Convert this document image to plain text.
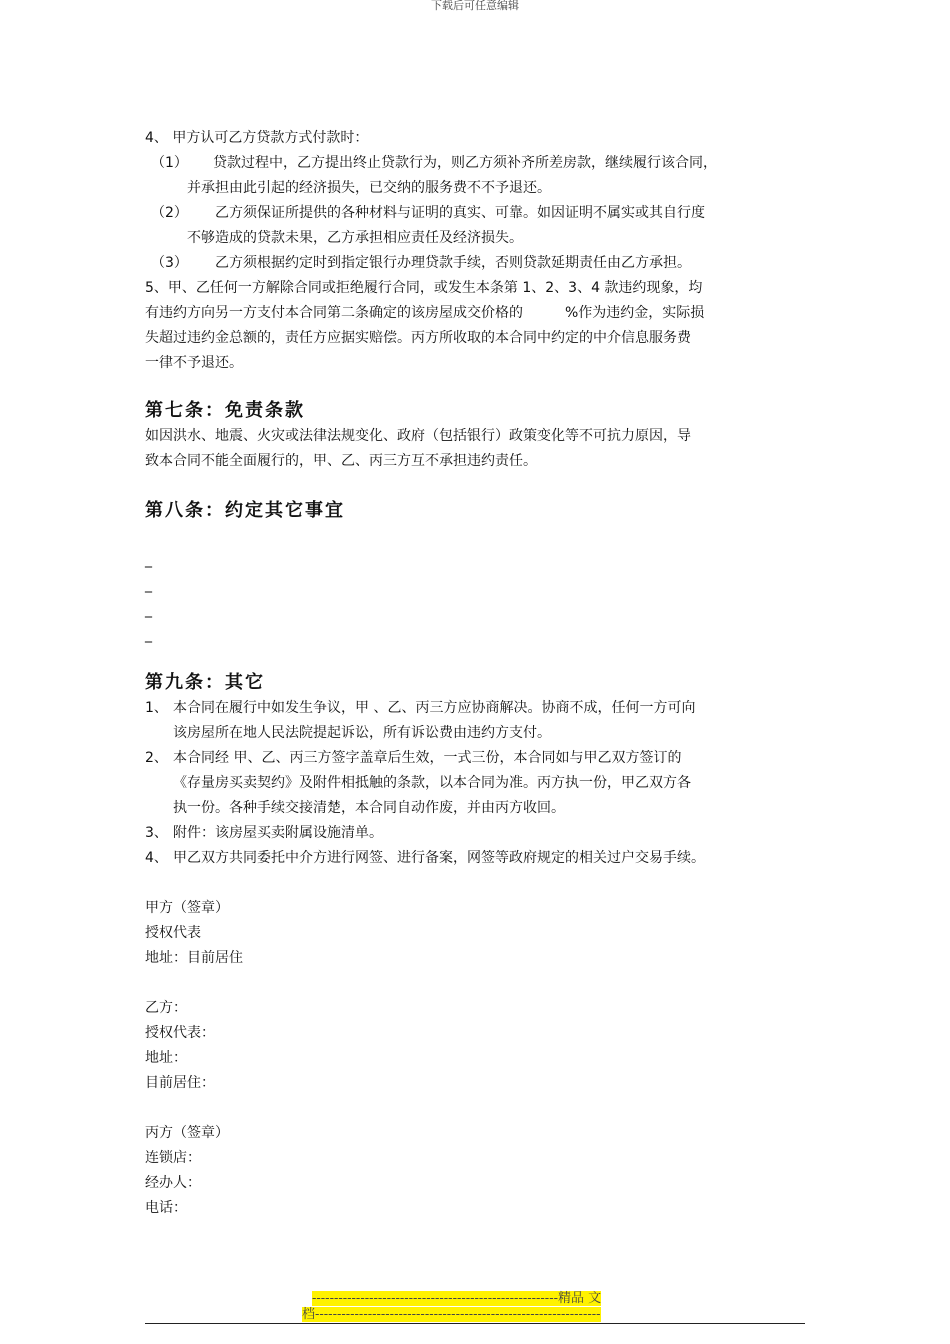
下载后可任意编辑

4、 甲方认可乙方贷款方式付款时：

（1）	贷款过程中，乙方提出终止贷款行为，则乙方须补齐所差房款，继续履行该合同，

并承担由此引起的经济损失，已交纳的服务费不不予退还。

（2）	乙方须保证所提供的各种材料与证明的真实、可靠。如因证明不属实或其自行度

不够造成的贷款未果，乙方承担相应责任及经济损失。

（3）	乙方须根据约定时到指定银行办理贷款手续，否则贷款延期责任由乙方承担。

5、甲、乙任何一方解除合同或拒绝履行合同，或发生本条第 1、2、3、4 款违约现象，均

有违约方向另一方支付本合同第二条确定的该房屋成交价格的　　　%作为违约金，实际损

失超过违约金总额的，责任方应据实赔偿。丙方所收取的本合同中约定的中介信息服务费

一律不予退还。

第七条：免责条款

如因洪水、地震、火灾或法律法规变化、政府（包括银行）政策变化等不可抗力原因，导

致本合同不能全面履行的，甲、乙、丙三方互不承担违约责任。

第八条：约定其它事宜

_

_

_

_

第九条：其它
1、 本合同在履行中如发生争议，甲 、乙、丙三方应协商解决。协商不成，任何一方可向
该房屋所在地人民法院提起诉讼，所有诉讼费由违约方支付。
2、 本合同经 甲、乙、丙三方签字盖章后生效，一式三份，本合同如与甲乙双方签订的
《存量房买卖契约》及附件相抵触的条款，以本合同为准。丙方执一份，甲乙双方各
执一份。各种手续交接清楚，本合同自动作废，并由丙方收回。
3、 附件：该房屋买卖附属设施清单。
4、 甲乙双方共同委托中介方进行网签、进行备案，网签等政府规定的相关过户交易手续。

甲方（签章）

授权代表

地址：目前居住

乙方：

授权代表：

地址：

目前居住：

丙方（签章）

连锁店：

经办人：

电话：

--------------------------------------------------------精品 文
档-----------------------------------------------------------------
